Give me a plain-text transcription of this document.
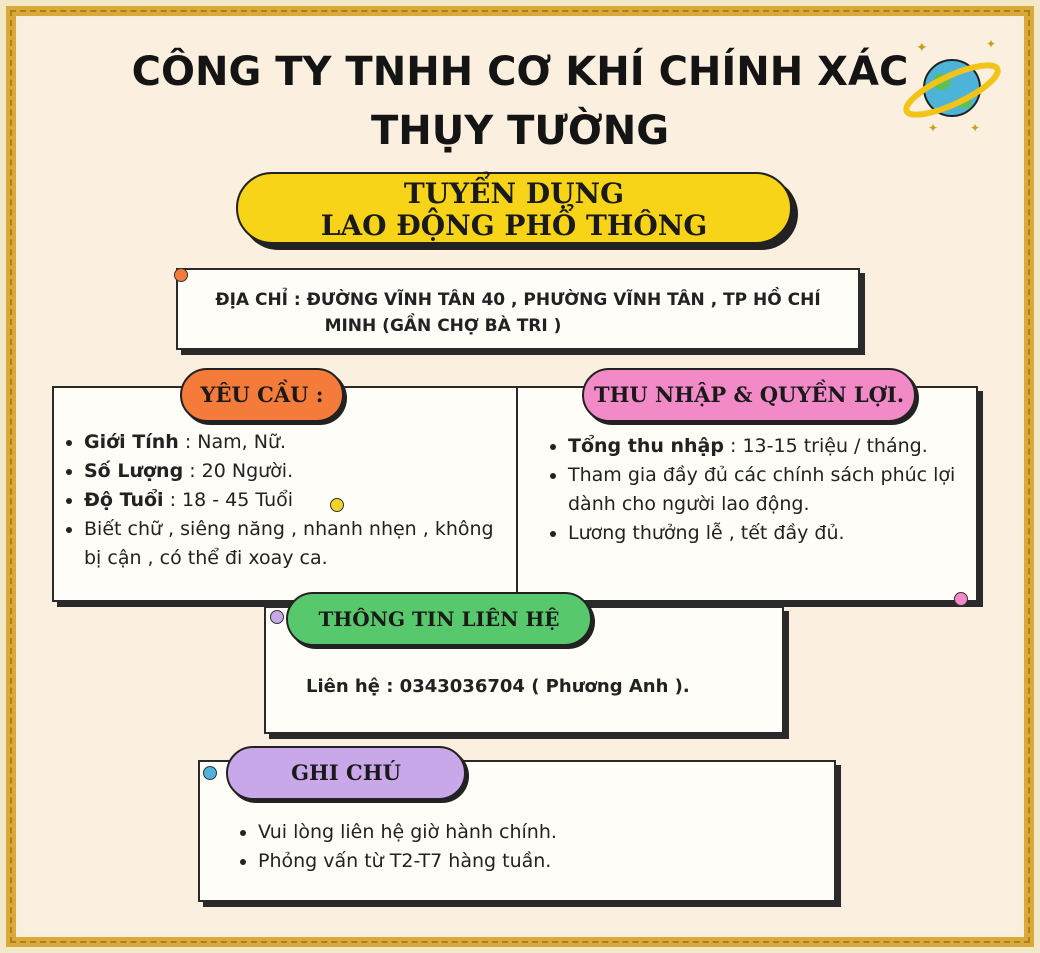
CÔNG TY TNHH CƠ KHÍ CHÍNH XÁC
THỤY TƯỜNG
✦	✦
✦	✦
TUYỂN DỤNG
LAO ĐỘNG PHỔ THÔNG
ĐỊA CHỈ : ĐƯỜNG VĨNH TÂN 40 , PHƯỜNG VĨNH TÂN , TP HỒ CHÍ
MINH (GẦN CHỢ BÀ TRI )
Giới Tính : Nam, Nữ.
Số Lượng : 20 Người.
Độ Tuổi : 18 - 45 Tuổi
Biết chữ , siêng năng , nhanh nhẹn , không bị cận , có thể đi xoay ca.
YÊU CẦU :
Tổng thu nhập : 13-15 triệu / tháng.
Tham gia đầy đủ các chính sách phúc lợi dành cho người lao động.
Lương thưởng lễ , tết đầy đủ.
THU NHẬP & QUYỀN LỢI.
Liên hệ : 0343036704 ( Phương Anh ).
THÔNG TIN LIÊN HỆ
Vui lòng liên hệ giờ hành chính.
Phỏng vấn từ T2-T7 hàng tuần.
GHI CHÚ
